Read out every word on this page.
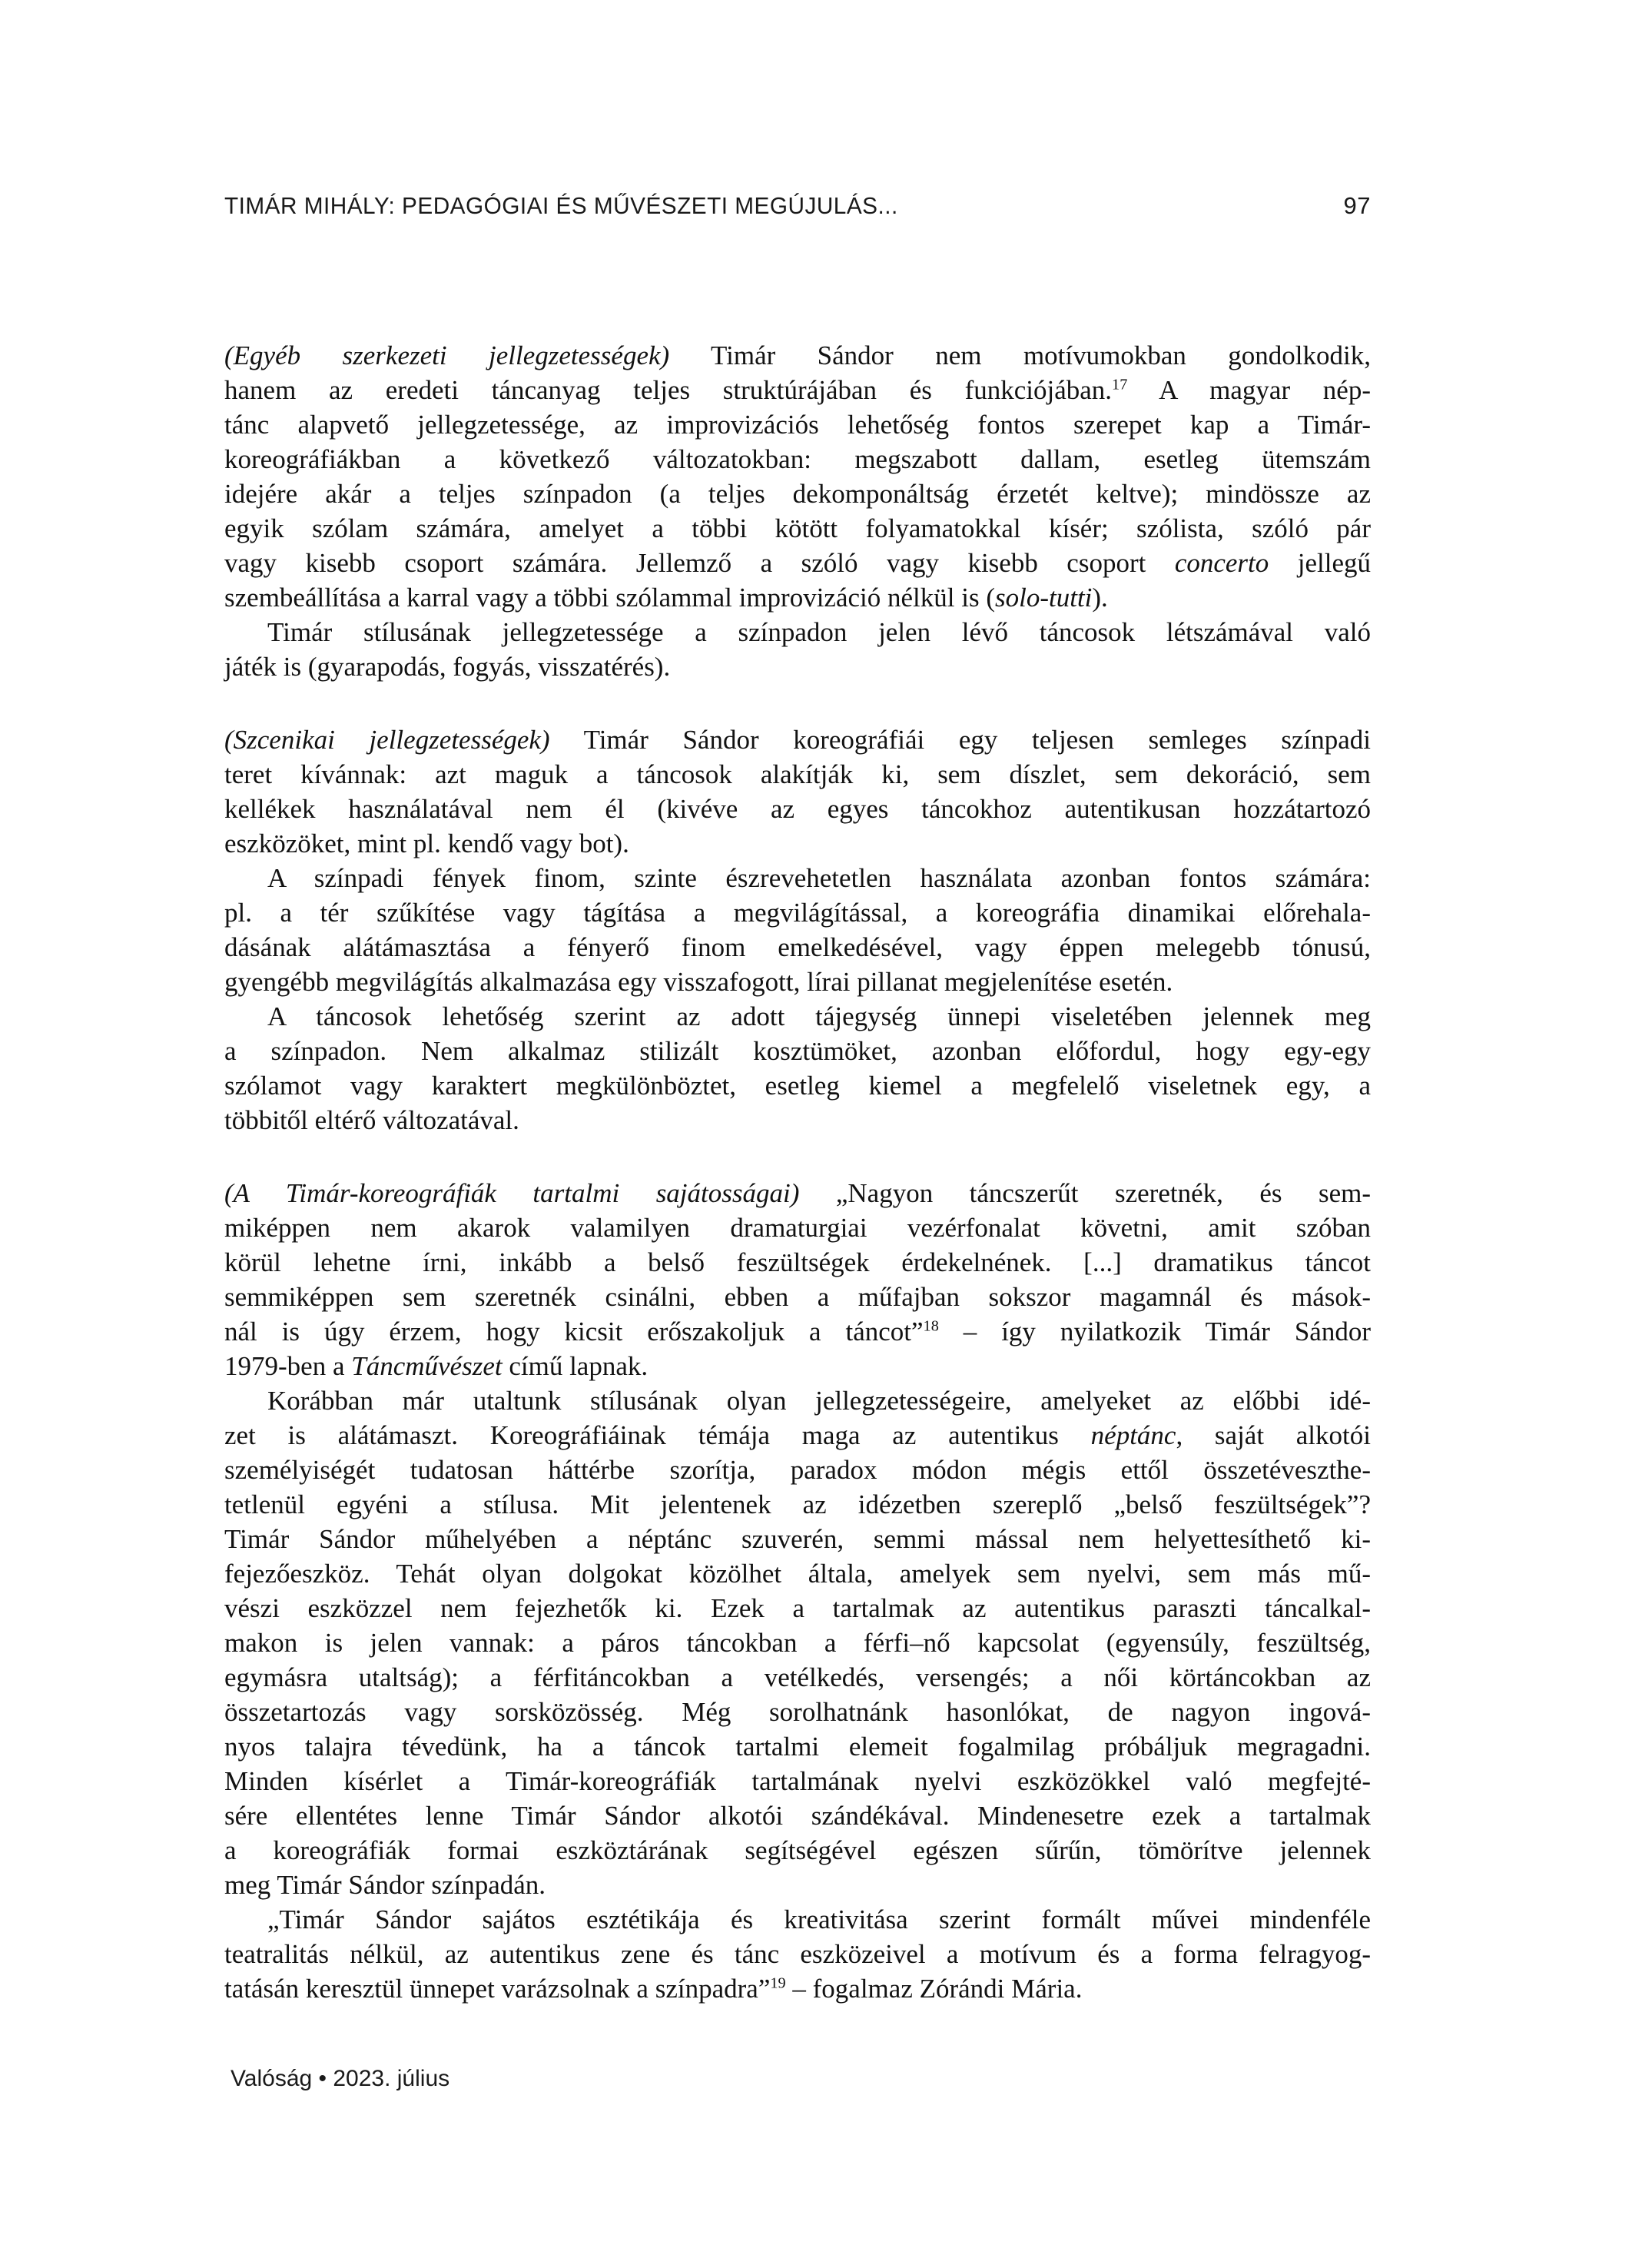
TIMÁR MIHÁLY: PEDAGÓGIAI ÉS MŰVÉSZETI MEGÚJULÁS...	97
(Egyéb szerkezeti jellegzetességek) Timár Sándor nem motívumokban gondolkodik,
hanem az eredeti táncanyag teljes struktúrájában és funkciójában.$^{17}$ A magyar nép-
tánc alapvető jellegzetessége, az improvizációs lehetőség fontos szerepet kap a Timár-
koreográfiákban a következő változatokban: megszabott dallam, esetleg ütemszám
idejére akár a teljes színpadon (a teljes dekomponáltság érzetét keltve); mindössze az
egyik szólam számára, amelyet a többi kötött folyamatokkal kísér; szólista, szóló pár
vagy kisebb csoport számára. Jellemző a szóló vagy kisebb csoport concerto jellegű
szembeállítása a karral vagy a többi szólammal improvizáció nélkül is (solo-tutti).
Timár stílusának jellegzetessége a színpadon jelen lévő táncosok létszámával való
játék is (gyarapodás, fogyás, visszatérés).
(Szcenikai jellegzetességek) Timár Sándor koreográfiái egy teljesen semleges színpadi
teret kívánnak: azt maguk a táncosok alakítják ki, sem díszlet, sem dekoráció, sem
kellékek használatával nem él (kivéve az egyes táncokhoz autentikusan hozzátartozó
eszközöket, mint pl. kendő vagy bot).
A színpadi fények finom, szinte észrevehetetlen használata azonban fontos számára:
pl. a tér szűkítése vagy tágítása a megvilágítással, a koreográfia dinamikai előrehala-
dásának alátámasztása a fényerő finom emelkedésével, vagy éppen melegebb tónusú,
gyengébb megvilágítás alkalmazása egy visszafogott, lírai pillanat megjelenítése esetén.
A táncosok lehetőség szerint az adott tájegység ünnepi viseletében jelennek meg
a színpadon. Nem alkalmaz stilizált kosztümöket, azonban előfordul, hogy egy-egy
szólamot vagy karaktert megkülönböztet, esetleg kiemel a megfelelő viseletnek egy, a
többitől eltérő változatával.
(A Timár-koreográfiák tartalmi sajátosságai) „Nagyon táncszerűt szeretnék, és sem-
miképpen nem akarok valamilyen dramaturgiai vezérfonalat követni, amit szóban
körül lehetne írni, inkább a belső feszültségek érdekelnének. [...] dramatikus táncot
semmiképpen sem szeretnék csinálni, ebben a műfajban sokszor magamnál és mások-
nál is úgy érzem, hogy kicsit erőszakoljuk a táncot”$^{18}$ – így nyilatkozik Timár Sándor
1979-ben a Táncművészet című lapnak.
Korábban már utaltunk stílusának olyan jellegzetességeire, amelyeket az előbbi idé-
zet is alátámaszt. Koreográfiáinak témája maga az autentikus néptánc, saját alkotói
személyiségét tudatosan háttérbe szorítja, paradox módon mégis ettől összetéveszthe-
tetlenül egyéni a stílusa. Mit jelentenek az idézetben szereplő „belső feszültségek”?
Timár Sándor műhelyében a néptánc szuverén, semmi mással nem helyettesíthető ki-
fejezőeszköz. Tehát olyan dolgokat közölhet általa, amelyek sem nyelvi, sem más mű-
vészi eszközzel nem fejezhetők ki. Ezek a tartalmak az autentikus paraszti táncalkal-
makon is jelen vannak: a páros táncokban a férfi–nő kapcsolat (egyensúly, feszültség,
egymásra utaltság); a férfitáncokban a vetélkedés, versengés; a női körtáncokban az
összetartozás vagy sorsközösség. Még sorolhatnánk hasonlókat, de nagyon ingová-
nyos talajra tévedünk, ha a táncok tartalmi elemeit fogalmilag próbáljuk megragadni.
Minden kísérlet a Timár-koreográfiák tartalmának nyelvi eszközökkel való megfejté-
sére ellentétes lenne Timár Sándor alkotói szándékával. Mindenesetre ezek a tartalmak
a koreográfiák formai eszköztárának segítségével egészen sűrűn, tömörítve jelennek
meg Timár Sándor színpadán.
„Timár Sándor sajátos esztétikája és kreativitása szerint formált művei mindenféle
teatralitás nélkül, az autentikus zene és tánc eszközeivel a motívum és a forma felragyog-
tatásán keresztül ünnepet varázsolnak a színpadra”$^{19}$ – fogalmaz Zórándi Mária.
Valóság • 2023. július
